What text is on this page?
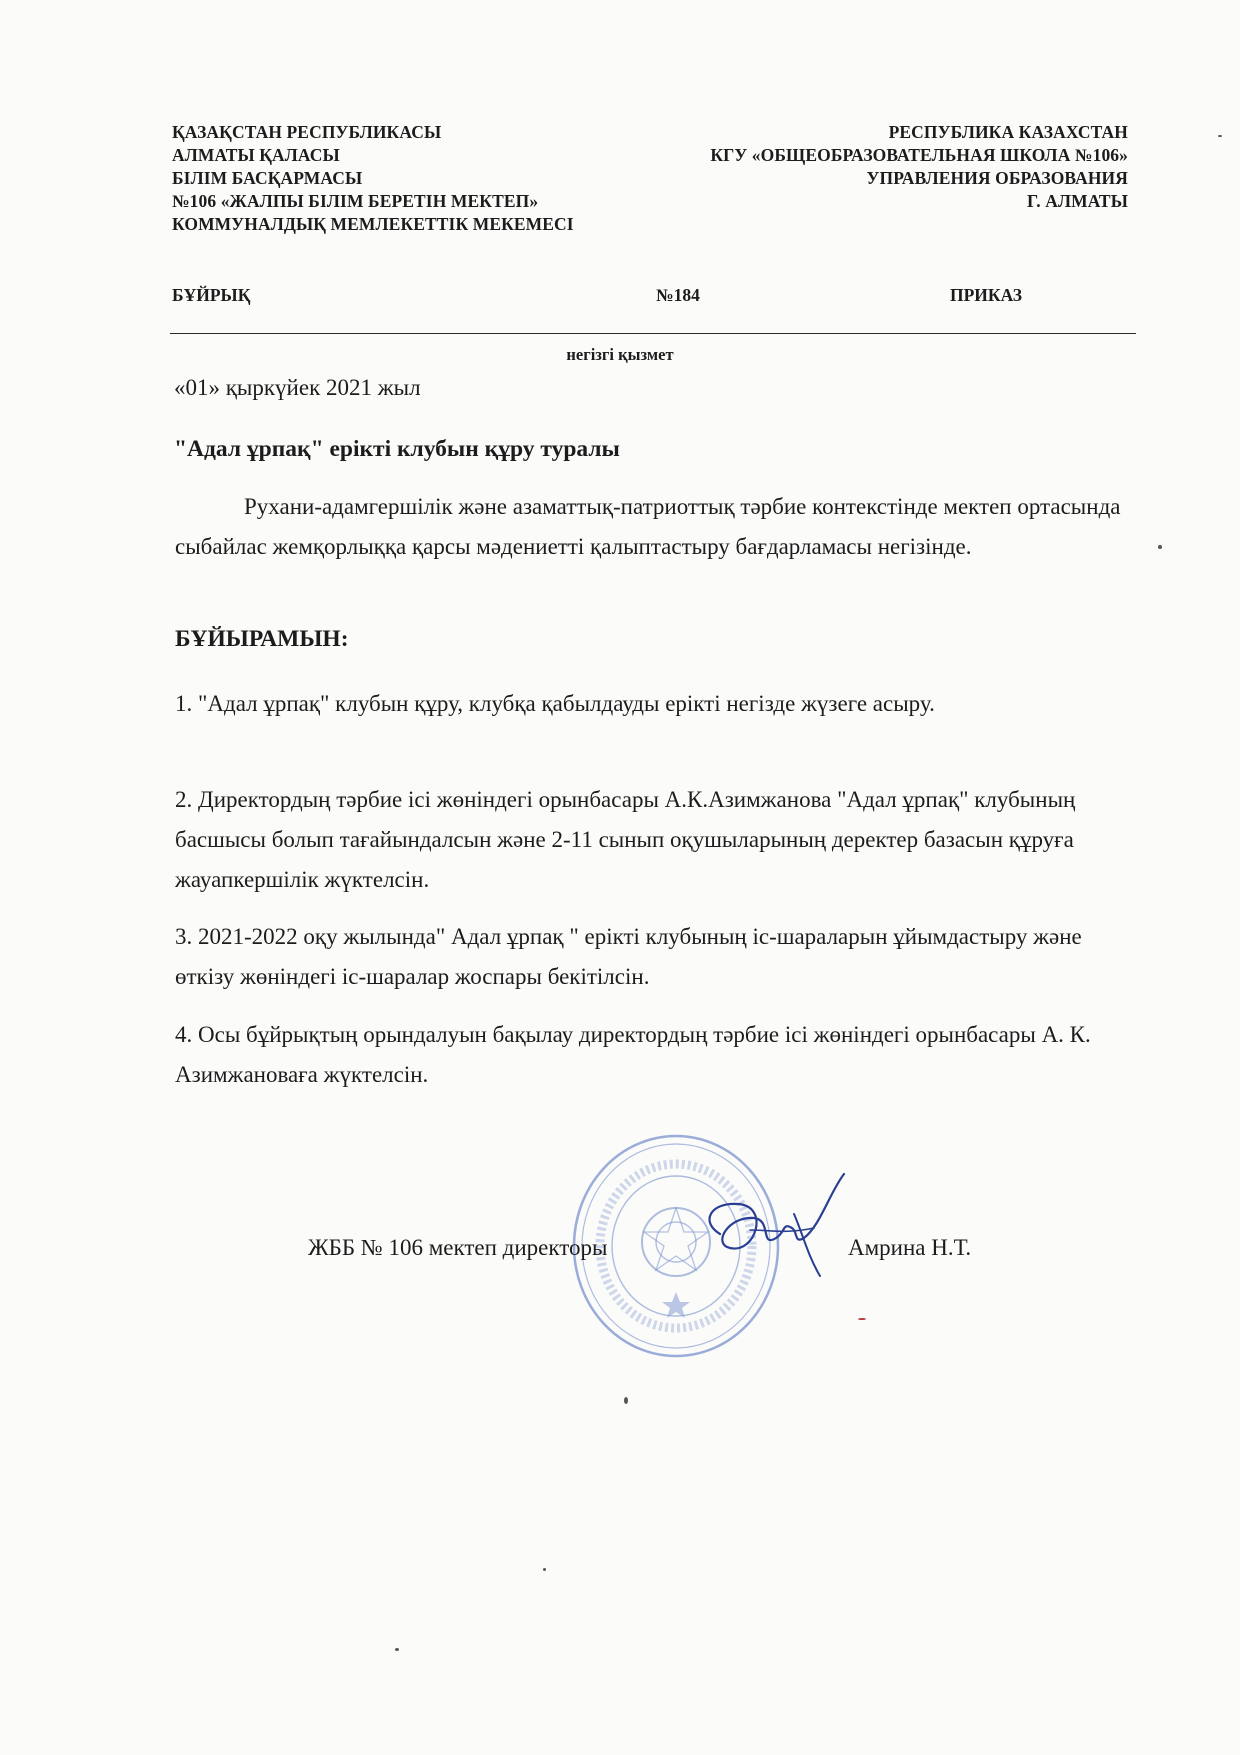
ҚАЗАҚСТАН РЕСПУБЛИКАСЫ
АЛМАТЫ ҚАЛАСЫ
БІЛІМ БАСҚАРМАСЫ
№106 «ЖАЛПЫ БІЛІМ БЕРЕТІН МЕКТЕП»
КОММУНАЛДЫҚ МЕМЛЕКЕТТІК МЕКЕМЕСІ
РЕСПУБЛИКА КАЗАХСТАН
КГУ «ОБЩЕОБРАЗОВАТЕЛЬНАЯ ШКОЛА №106»
УПРАВЛЕНИЯ ОБРАЗОВАНИЯ
Г. АЛМАТЫ
БҰЙРЫҚ	№184	ПРИКАЗ
негізгі қызмет
«01» қыркүйек 2021 жыл
"Адал ұрпақ" ерікті клубын құру туралы
Рухани-адамгершілік және азаматтық-патриоттық тәрбие контекстінде мектеп ортасында сыбайлас жемқорлыққа қарсы мәдениетті қалыптастыру бағдарламасы негізінде.
БҰЙЫРАМЫН:
1. "Адал ұрпақ" клубын құру, клубқа қабылдауды ерікті негізде жүзеге асыру.
2. Директордың тәрбие ісі жөніндегі орынбасары А.К.Азимжанова "Адал ұрпақ" клубының басшысы болып тағайындалсын және 2-11 сынып оқушыларының деректер базасын құруға жауапкершілік жүктелсін.
3. 2021-2022 оқу жылында" Адал ұрпақ " ерікті клубының іс-шараларын ұйымдастыру және өткізу жөніндегі іс-шаралар жоспары бекітілсін.
4. Осы бұйрықтың орындалуын бақылау директордың тәрбие ісі жөніндегі орынбасары А. К. Азимжановаға жүктелсін.
ЖББ № 106 мектеп директоры	Амрина Н.Т.
